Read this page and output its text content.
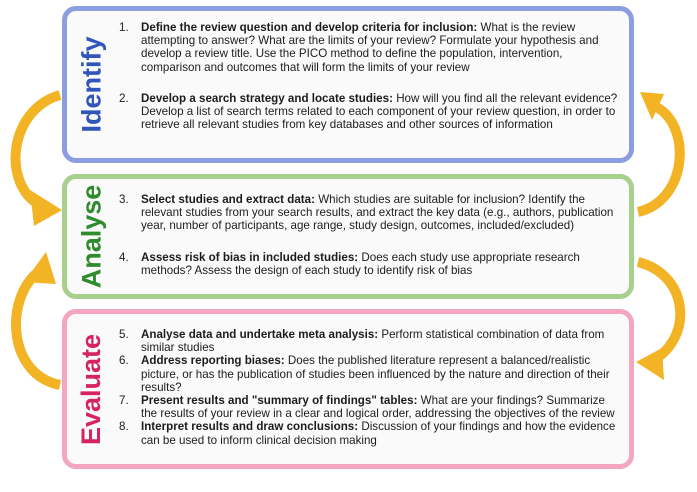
Identify
1.	Define the review question and develop criteria for inclusion: What is the review attempting to answer? What are the limits of your review? Formulate your hypothesis and develop a review title. Use the PICO method to define the population, intervention, comparison and outcomes that will form the limits of your review
2.	Develop a search strategy and locate studies: How will you find all the relevant evidence? Develop a list of search terms related to each component of your review question, in order to retrieve all relevant studies from key databases and other sources of information
Analyse 3.	Select studies and extract data: Which studies are suitable for inclusion? Identify the relevant studies from your search results, and extract the key data (e.g., authors, publication year, number of participants, age range, study design, outcomes, included/excluded)
4.	Assess risk of bias in included studies: Does each study use appropriate research methods? Assess the design of each study to identify risk of bias
Evaluate 5.	Analyse data and undertake meta analysis: Perform statistical combination of data from similar studies
6.	Address reporting biases: Does the published literature represent a balanced/realistic picture, or has the publication of studies been influenced by the nature and direction of their results?
7.	Present results and "summary of findings" tables: What are your findings? Summarize the results of your review in a clear and logical order, addressing the objectives of the review
8.	Interpret results and draw conclusions: Discussion of your findings and how the evidence can be used to inform clinical decision making
